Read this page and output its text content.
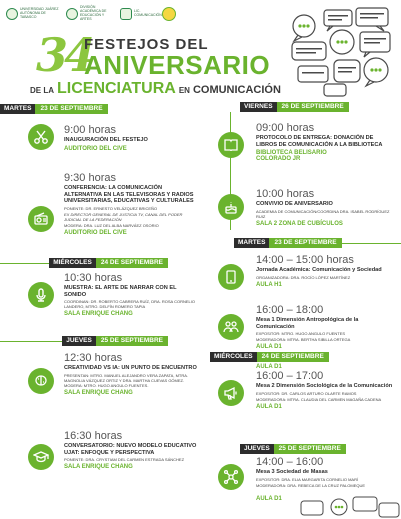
UNIVERSIDAD JUÁREZ AUTÓNOMA DE TABASCO
DIVISIÓN ACADÉMICA DE EDUCACIÓN Y ARTES
LIC. COMUNICACIÓN
34
FESTEJOS DEL
ANIVERSARIO
DE LA LICENCIATURA EN COMUNICACIÓN
MARTES	23 DE SEPTIEMBRE
9:00 horas
INAUGURACIÓN DEL FESTEJO
AUDITORIO DEL CIVE
9:30 horas
CONFERENCIA: LA COMUNICACIÓN ALTERNATIVA EN LAS TELEVISORAS Y RADIOS UNIVERSITARIAS, EDUCATIVAS Y CULTURALES
PONENTE: DR. ERNESTO VELÁZQUEZ BRICEÑO
EX DIRECTOR GENERAL DE JUSTICIA TV, CANAL DEL PODER JUDICIAL DE LA FEDERACIÓN
MODERA: DRA. LUZ DEL ALBA NARVÁEZ OSORIO
AUDITORIO DEL CIVE
MIÉRCOLES	24 DE SEPTIEMBRE
10:30 horas
MUESTRA: EL ARTE DE NARRAR CON EL SONIDO
COORDINAN: DR. ROBERTO CABRERA RUÍZ, DRA. ROSA CORNELIO LANDERO, MTRO. DELFÍN ROMERO TAPIA
SALA ENRIQUE CHANG
JUEVES	25 DE SEPTIEMBRE
12:30 horas
CREATIVIDAD VS IA: UN PUNTO DE ENCUENTRO
PRESENTAN: MTRO. MANUEL ALEJANDRO VERA ZAPATA, MTRA. MAGNOLIA VÁZQUEZ ORTIZ Y DRA. MARTHA CUEVAS GÓMEZ. MODERA: MTRO. HUGO ANGULO FUENTES.
SALA ENRIQUE CHANG
16:30 horas
CONVERSATORIO: NUEVO MODELO EDUCATIVO UJAT: ENFOQUE Y PERSPECTIVA
PONENTE: DRA. CRYSTIAM DEL CARMEN ESTRADA SÁNCHEZ
SALA ENRIQUE CHANG
VIERNES	26 DE SEPTIEMBRE
09:00 horas
PROTOCOLO DE ENTREGA: DONACIÓN DE LIBROS DE COMUNICACIÓN A LA BIBLIOTECA
BIBLIOTECA BELISARIO COLORADO JR
10:00 horas
CONVIVIO DE ANIVERSARIO
ACADEMIA DE COMUNICACIÓN/COORDINA DRA. ISABEL RODRÍGUEZ RUIZ
SALA 2 ZONA DE CUBÍCULOS
MARTES	23 DE SEPTIEMBRE
14:00 – 15:00 horas
Jornada Académica: Comunicación y Sociedad
ORGANIZADORA: DRA. ROCÍO LÓPEZ MARTÍNEZ
AULA H1
16:00 – 18:00
Mesa 1 Dimensión Antropológica de la Comunicación
EXPOSITOR: MTRO. HUGO ANGULO FUENTES
MODERADORA: MTRA. BERTHA SIBILLA ORTEGA
AULA D1
MIÉRCOLES	24 DE SEPTIEMBRE
AULA D1
16:00 – 17:00
Mesa 2 Dimensión Sociológica de la Comunicación
EXPOSITOR: DR. CARLOS ARTURO OLARTE RAMOS
MODERADORA: MTRA. CLAUDIA DEL CARMEN MAGAÑA CADENA
AULA D1
JUEVES	25 DE SEPTIEMBRE
14:00 – 16:00
Mesa 3 Sociedad de Masas
EXPOSITOR: DRA. ELIA MARGARITA CORNELIO MARÍ
MODERADORA: DRA. REBECA DE LA CRUZ PALOMEQUE
AULA D1
